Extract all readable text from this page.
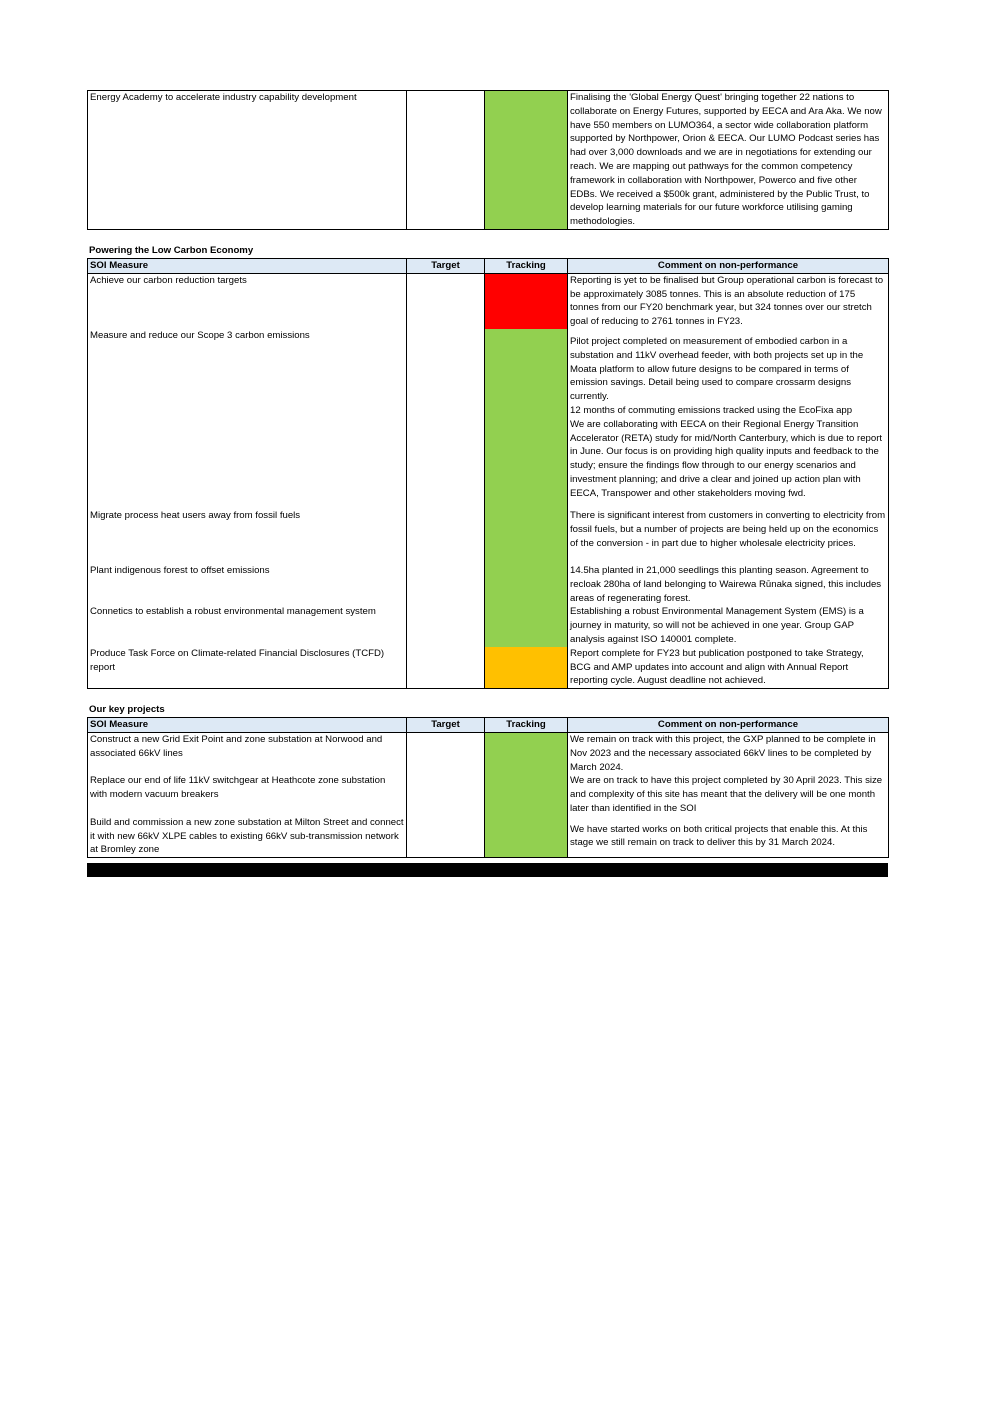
Energy Academy to accelerate industry capability development			Finalising the 'Global Energy Quest' bringing together 22 nations to collaborate on Energy Futures, supported by EECA and Ara Aka. We now have 550 members on LUMO364, a sector wide collaboration platform supported by Northpower, Orion & EECA. Our LUMO Podcast series has had over 3,000 downloads and we are in negotiations for extending our reach. We are mapping out pathways for the common competency framework in collaboration with Northpower, Powerco and five other EDBs. We received a $500k grant, administered by the Public Trust, to develop learning materials for our future workforce utilising gaming methodologies.
Powering the Low Carbon Economy
SOI Measure	Target	Tracking	Comment on non-performance
Achieve our carbon reduction targets			Reporting is yet to be finalised but Group operational carbon is forecast to be approximately 3085 tonnes. This is an absolute reduction of 175 tonnes from our FY20 benchmark year, but 324 tonnes over our stretch goal of reducing to 2761 tonnes in FY23.
Measure and reduce our Scope 3 carbon emissions			Pilot project completed on measurement of embodied carbon in a substation and 11kV overhead feeder, with both projects set up in the Moata platform to allow future designs to be compared in terms of emission savings. Detail being used to compare crossarm designs currently.
12 months of commuting emissions tracked using the EcoFixa app
We are collaborating with EECA on their Regional Energy Transition Accelerator (RETA) study for mid/North Canterbury, which is due to report in June. Our focus is on providing high quality inputs and feedback to the study; ensure the findings flow through to our energy scenarios and investment planning; and drive a clear and joined up action plan with EECA, Transpower and other stakeholders moving fwd.

Migrate process heat users away from fossil fuels			There is significant interest from customers in converting to electricity from fossil fuels, but a number of projects are being held up on the economics of the conversion - in part due to higher wholesale electricity prices.
Plant indigenous forest to offset emissions			14.5ha planted in 21,000 seedlings this planting season. Agreement to recloak 280ha of land belonging to Wairewa Rūnaka signed, this includes areas of regenerating forest.
Connetics to establish a robust environmental management system			Establishing a robust Environmental Management System (EMS) is a journey in maturity, so will not be achieved in one year. Group GAP analysis against ISO 140001 complete.
Produce Task Force on Climate-related Financial Disclosures (TCFD) report			Report complete for FY23 but publication postponed to take Strategy, BCG and AMP updates into account and align with Annual Report reporting cycle. August deadline not achieved.
Our key projects
SOI Measure	Target	Tracking	Comment on non-performance
Construct a new Grid Exit Point and zone substation at Norwood and associated 66kV lines			We remain on track with this project, the GXP planned to be complete in Nov 2023 and the necessary associated 66kV lines to be completed by March 2024.
Replace our end of life 11kV switchgear at Heathcote zone substation with modern vacuum breakers			We are on track to have this project completed by 30 April 2023. This size and complexity of this site has meant that the delivery will be one month later than identified in the SOI
Build and commission a new zone substation at Milton Street and connect it with new 66kV XLPE cables to existing 66kV sub-transmission network at Bromley zone			We have started works on both critical projects that enable this. At this stage we still remain on track to deliver this by 31 March 2024.
